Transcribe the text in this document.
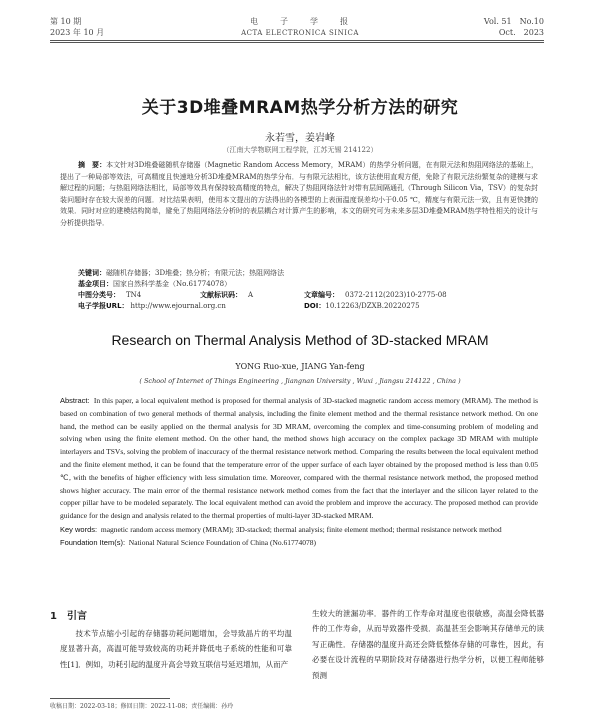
第 10 期
2023 年 10 月
电　　子　　学　　报
ACTA ELECTRONICA SINICA
Vol. 51　No.10
Oct.　2023
关于3D堆叠MRAM热学分析方法的研究
永若雪，姜岩峰
（江南大学物联网工程学院，江苏无锡 214122）
摘　要：本文针对3D堆叠磁随机存储器（Magnetic Random Access Memory，MRAM）的热学分析问题，在有限元法和热阻网络法的基础上，提出了一种局部等效法，可高精度且快速地分析3D堆叠MRAM的热学分布．与有限元法相比，该方法使用直观方便，免除了有限元法纷繁复杂的建模与求解过程的问题；与热阻网络法相比，局部等效具有保持较高精度的特点，解决了热阻网络法针对带有层间隔通孔（Through Silicon Via，TSV）的复杂封装问题时存在较大误差的问题．对比结果表明，使用本文提出的方法得出的各模型的上表面温度误差均小于0.05 ℃，精度与有限元法一致，且有更快捷的效果．同时对应的建模结构简单，避免了热阻网络法分析时的表层耦合对计算产生的影响，本文的研究可为未来多层3D堆叠MRAM热学特性相关的设计与分析提供指导．
关键词：磁随机存储器；3D堆叠；热分析；有限元法；热阻网络法
基金项目：国家自然科学基金（No.61774078）
中图分类号： TN4	文献标识码： A	文章编号： 0372-2112(2023)10-2775-08
电子学报URL： http://www.ejournal.org.cn	DOI：10.12263/DZXB.20220275
Research on Thermal Analysis Method of 3D-stacked MRAM
YONG Ruo-xue, JIANG Yan-feng
( School of Internet of Things Engineering , Jiangnan University , Wuxi , Jiangsu 214122 , China )
Abstract: In this paper, a local equivalent method is proposed for thermal analysis of 3D-stacked magnetic random access memory (MRAM). The method is based on combination of two general methods of thermal analysis, including the finite element method and the thermal resistance network method. On one hand, the method can be easily applied on the thermal analysis for 3D MRAM, overcoming the complex and time-consuming problem of modeling and solving when using the finite element method. On the other hand, the method shows high accuracy on the complex package 3D MRAM with multiple interlayers and TSVs, solving the problem of inaccuracy of the thermal resistance network method. Comparing the results between the local equivalent method and the finite element method, it can be found that the temperature error of the upper surface of each layer obtained by the proposed method is less than 0.05 ℃, with the benefits of higher efficiency with less simulation time. Moreover, compared with the thermal resistance network method, the proposed method shows higher accuracy. The main error of the thermal resistance network method comes from the fact that the interlayer and the silicon layer related to the copper pillar have to be modeled separately. The local equivalent method can avoid the problem and improve the accuracy. The proposed method can provide guidance for the design and analysis related to the thermal properties of multi-layer 3D-stacked MRAM.
Key words: magnetic random access memory (MRAM); 3D-stacked; thermal analysis; finite element method; thermal resistance network method
Foundation Item(s): National Natural Science Foundation of China (No.61774078)
1　引言
　　技术节点缩小引起的存储器功耗问题增加，会导致晶片的平均温度显著升高，高温可能导致较高的功耗并降低电子系统的性能和可靠性[1]．例如，功耗引起的温度升高会导致互联信号延迟增加，从而产
生较大的泄漏功率．器件的工作寿命对温度也很敏感，高温会降低器件的工作寿命，从而导致器件受损．高温甚至会影响其存储单元的读写正确性．存储器的温度升高还会降低整体存储的可靠性，因此，有必要在设计流程的早期阶段对存储器进行热学分析，以便工程师能够预测
收稿日期：2022-03-18；修回日期：2022-11-08；责任编辑：孙玲
